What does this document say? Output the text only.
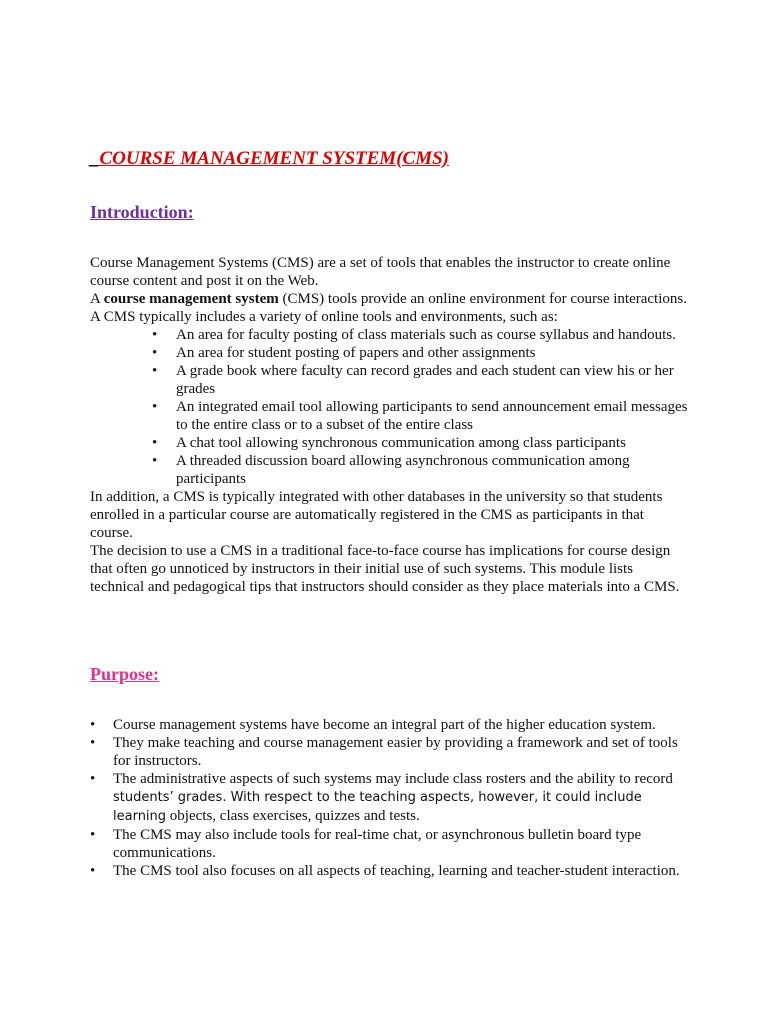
_COURSE MANAGEMENT SYSTEM(CMS)
Introduction:

Course Management Systems (CMS) are a set of tools that enables the instructor to create online course content and post it on the Web.

A course management system (CMS) tools provide an online environment for course interactions. A CMS typically includes a variety of online tools and environments, such as:

• An area for faculty posting of class materials such as course syllabus and handouts.
• An area for student posting of papers and other assignments
• A grade book where faculty can record grades and each student can view his or her grades
• An integrated email tool allowing participants to send announcement email messages to the entire class or to a subset of the entire class
• A chat tool allowing synchronous communication among class participants
• A threaded discussion board allowing asynchronous communication among participants

In addition, a CMS is typically integrated with other databases in the university so that students enrolled in a particular course are automatically registered in the CMS as participants in that course.

The decision to use a CMS in a traditional face-to-face course has implications for course design that often go unnoticed by instructors in their initial use of such systems. This module lists technical and pedagogical tips that instructors should consider as they place materials into a CMS.

Purpose:
• Course management systems have become an integral part of the higher education system.
• They make teaching and course management easier by providing a framework and set of tools for instructors.
• The administrative aspects of such systems may include class rosters and the ability to record students’ grades. With respect to the teaching aspects, however, it could include learning objects, class exercises, quizzes and tests.
• The CMS may also include tools for real-time chat, or asynchronous bulletin board type communications.
• The CMS tool also focuses on all aspects of teaching, learning and teacher-student interaction.
